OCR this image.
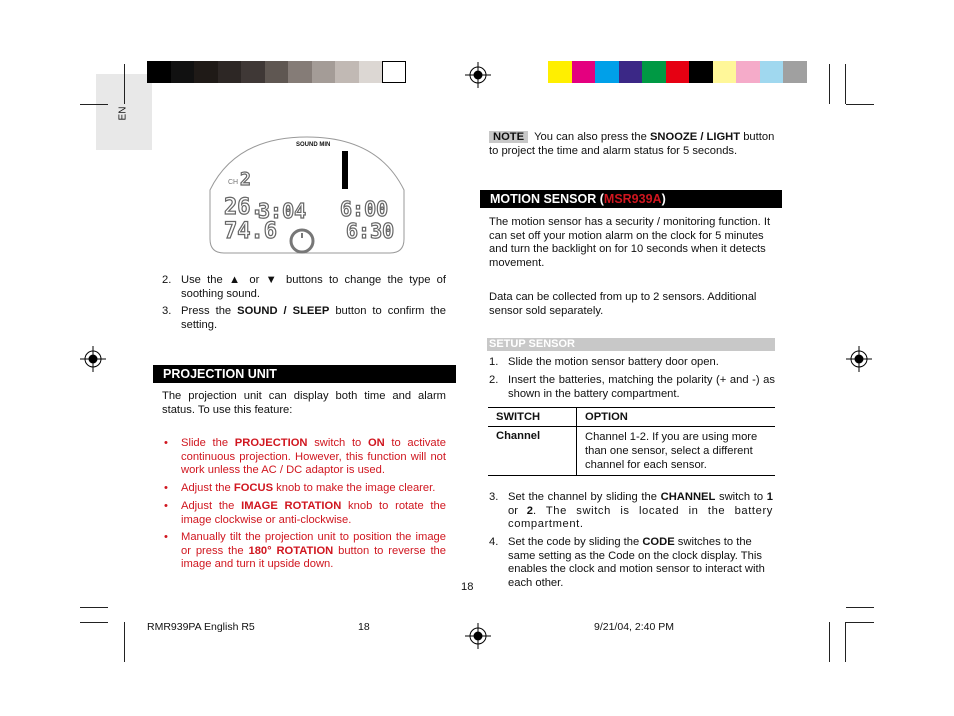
EN
SOUND MIN
CH 2
26.
74.6
3:04 6:00
6:30
2. Use the ▲ or ▼ buttons to change the type of soothing sound.
3. Press the SOUND / SLEEP button to confirm the setting.
PROJECTION UNIT
The projection unit can display both time and alarm status. To use this feature:
• Slide the PROJECTION switch to ON to activate continuous projection. However, this function will not work unless the AC / DC adaptor is used.
• Adjust the FOCUS knob to make the image clearer.
• Adjust the IMAGE ROTATION knob to rotate the image clockwise or anti-clockwise.
• Manually tilt the projection unit to position the image or press the 180° ROTATION button to reverse the image and turn it upside down.
NOTE You can also press the SNOOZE / LIGHT button to project the time and alarm status for 5 seconds.
MOTION SENSOR (MSR939A)
The motion sensor has a security / monitoring function. It can set off your motion alarm on the clock for 5 minutes and turn the backlight on for 10 seconds when it detects movement.
Data can be collected from up to 2 sensors. Additional sensor sold separately.
SETUP SENSOR
1. Slide the motion sensor battery door open.
2. Insert the batteries, matching the polarity (+ and -) as shown in the battery compartment.
SWITCH	OPTION
Channel	Channel 1-2. If you are using more than one sensor, select a different channel for each sensor.
3. Set the channel by sliding the CHANNEL switch to 1 or 2. The switch is located in the battery compartment.
4. Set the code by sliding the CODE switches to the same setting as the Code on the clock display. This enables the clock and motion sensor to interact with each other.
18
RMR939PA English R5	18	9/21/04, 2:40 PM
